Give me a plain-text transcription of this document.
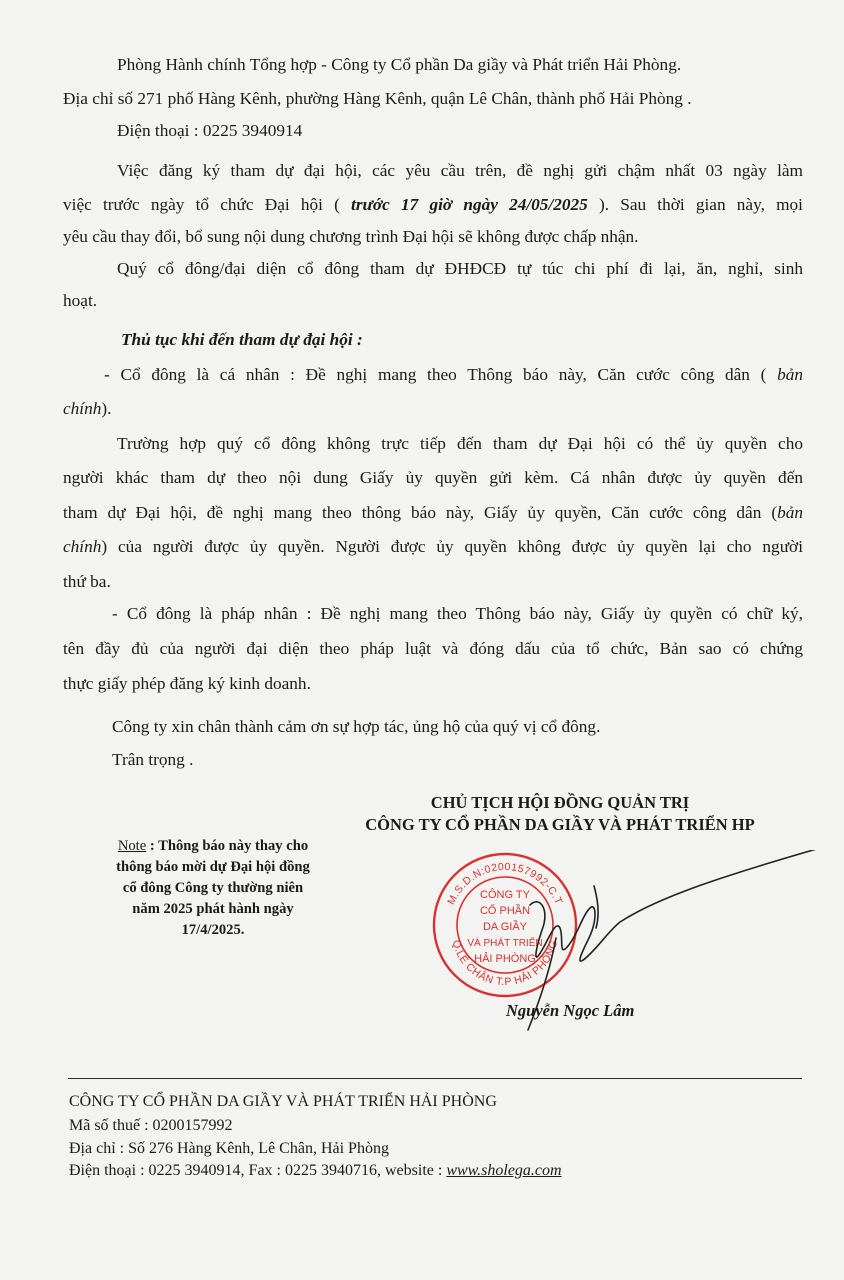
Phòng Hành chính Tổng hợp - Công ty Cổ phần Da giầy và Phát triển Hải Phòng.
Địa chỉ số 271 phố Hàng Kênh, phường Hàng Kênh, quận Lê Chân, thành phố Hải Phòng .
Điện thoại : 0225 3940914
Việc đăng ký tham dự đại hội, các yêu cầu trên, đề nghị gửi chậm nhất 03 ngày làm
việc trước ngày tổ chức Đại hội ( trước 17 giờ ngày 24/05/2025 ). Sau thời gian này, mọi
yêu cầu thay đổi, bổ sung nội dung chương trình Đại hội sẽ không được chấp nhận.
Quý cổ đông/đại diện cổ đông tham dự ĐHĐCĐ tự túc chi phí đi lại, ăn, nghỉ, sinh
hoạt.
Thủ tục khi đến tham dự đại hội :
- Cổ đông là cá nhân : Đề nghị mang theo Thông báo này, Căn cước công dân ( bản
chính).
Trường hợp quý cổ đông không trực tiếp đến tham dự Đại hội có thể ủy quyền cho
người khác tham dự theo nội dung Giấy ủy quyền gửi kèm. Cá nhân được ủy quyền đến
tham dự Đại hội, đề nghị mang theo thông báo này, Giấy ủy quyền, Căn cước công dân (bản
chính) của người được ủy quyền. Người được ủy quyền không được ủy quyền lại cho người
thứ ba.
- Cổ đông là pháp nhân : Đề nghị mang theo Thông báo này, Giấy ủy quyền có chữ ký,
tên đầy đủ của người đại diện theo pháp luật và đóng dấu của tổ chức, Bản sao có chứng
thực giấy phép đăng ký kinh doanh.
Công ty xin chân thành cảm ơn sự hợp tác, ủng hộ của quý vị cổ đông.
Trân trọng .
CHỦ TỊCH HỘI ĐỒNG QUẢN TRỊ
CÔNG TY CỔ PHẦN DA GIẦY VÀ PHÁT TRIỂN HP
Note : Thông báo này thay cho
thông báo mời dự Đại hội đồng
cổ đông Công ty thường niên
năm 2025 phát hành ngày
17/4/2025.
M.S.D.N:0200157992-C.T
Q.LÊ CHÂN T.P HẢI PHÒNG
CÔNG TY
CỔ PHẦN
DA GIẦY
VÀ PHÁT TRIỂN
HẢI PHÒNG
Nguyễn Ngọc Lâm
CÔNG TY CỔ PHẦN DA GIẦY VÀ PHÁT TRIỂN HẢI PHÒNG
Mã số thuế : 0200157992
Địa chỉ : Số 276 Hàng Kênh, Lê Chân, Hải Phòng
Điện thoại : 0225 3940914, Fax : 0225 3940716, website : www.sholega.com
